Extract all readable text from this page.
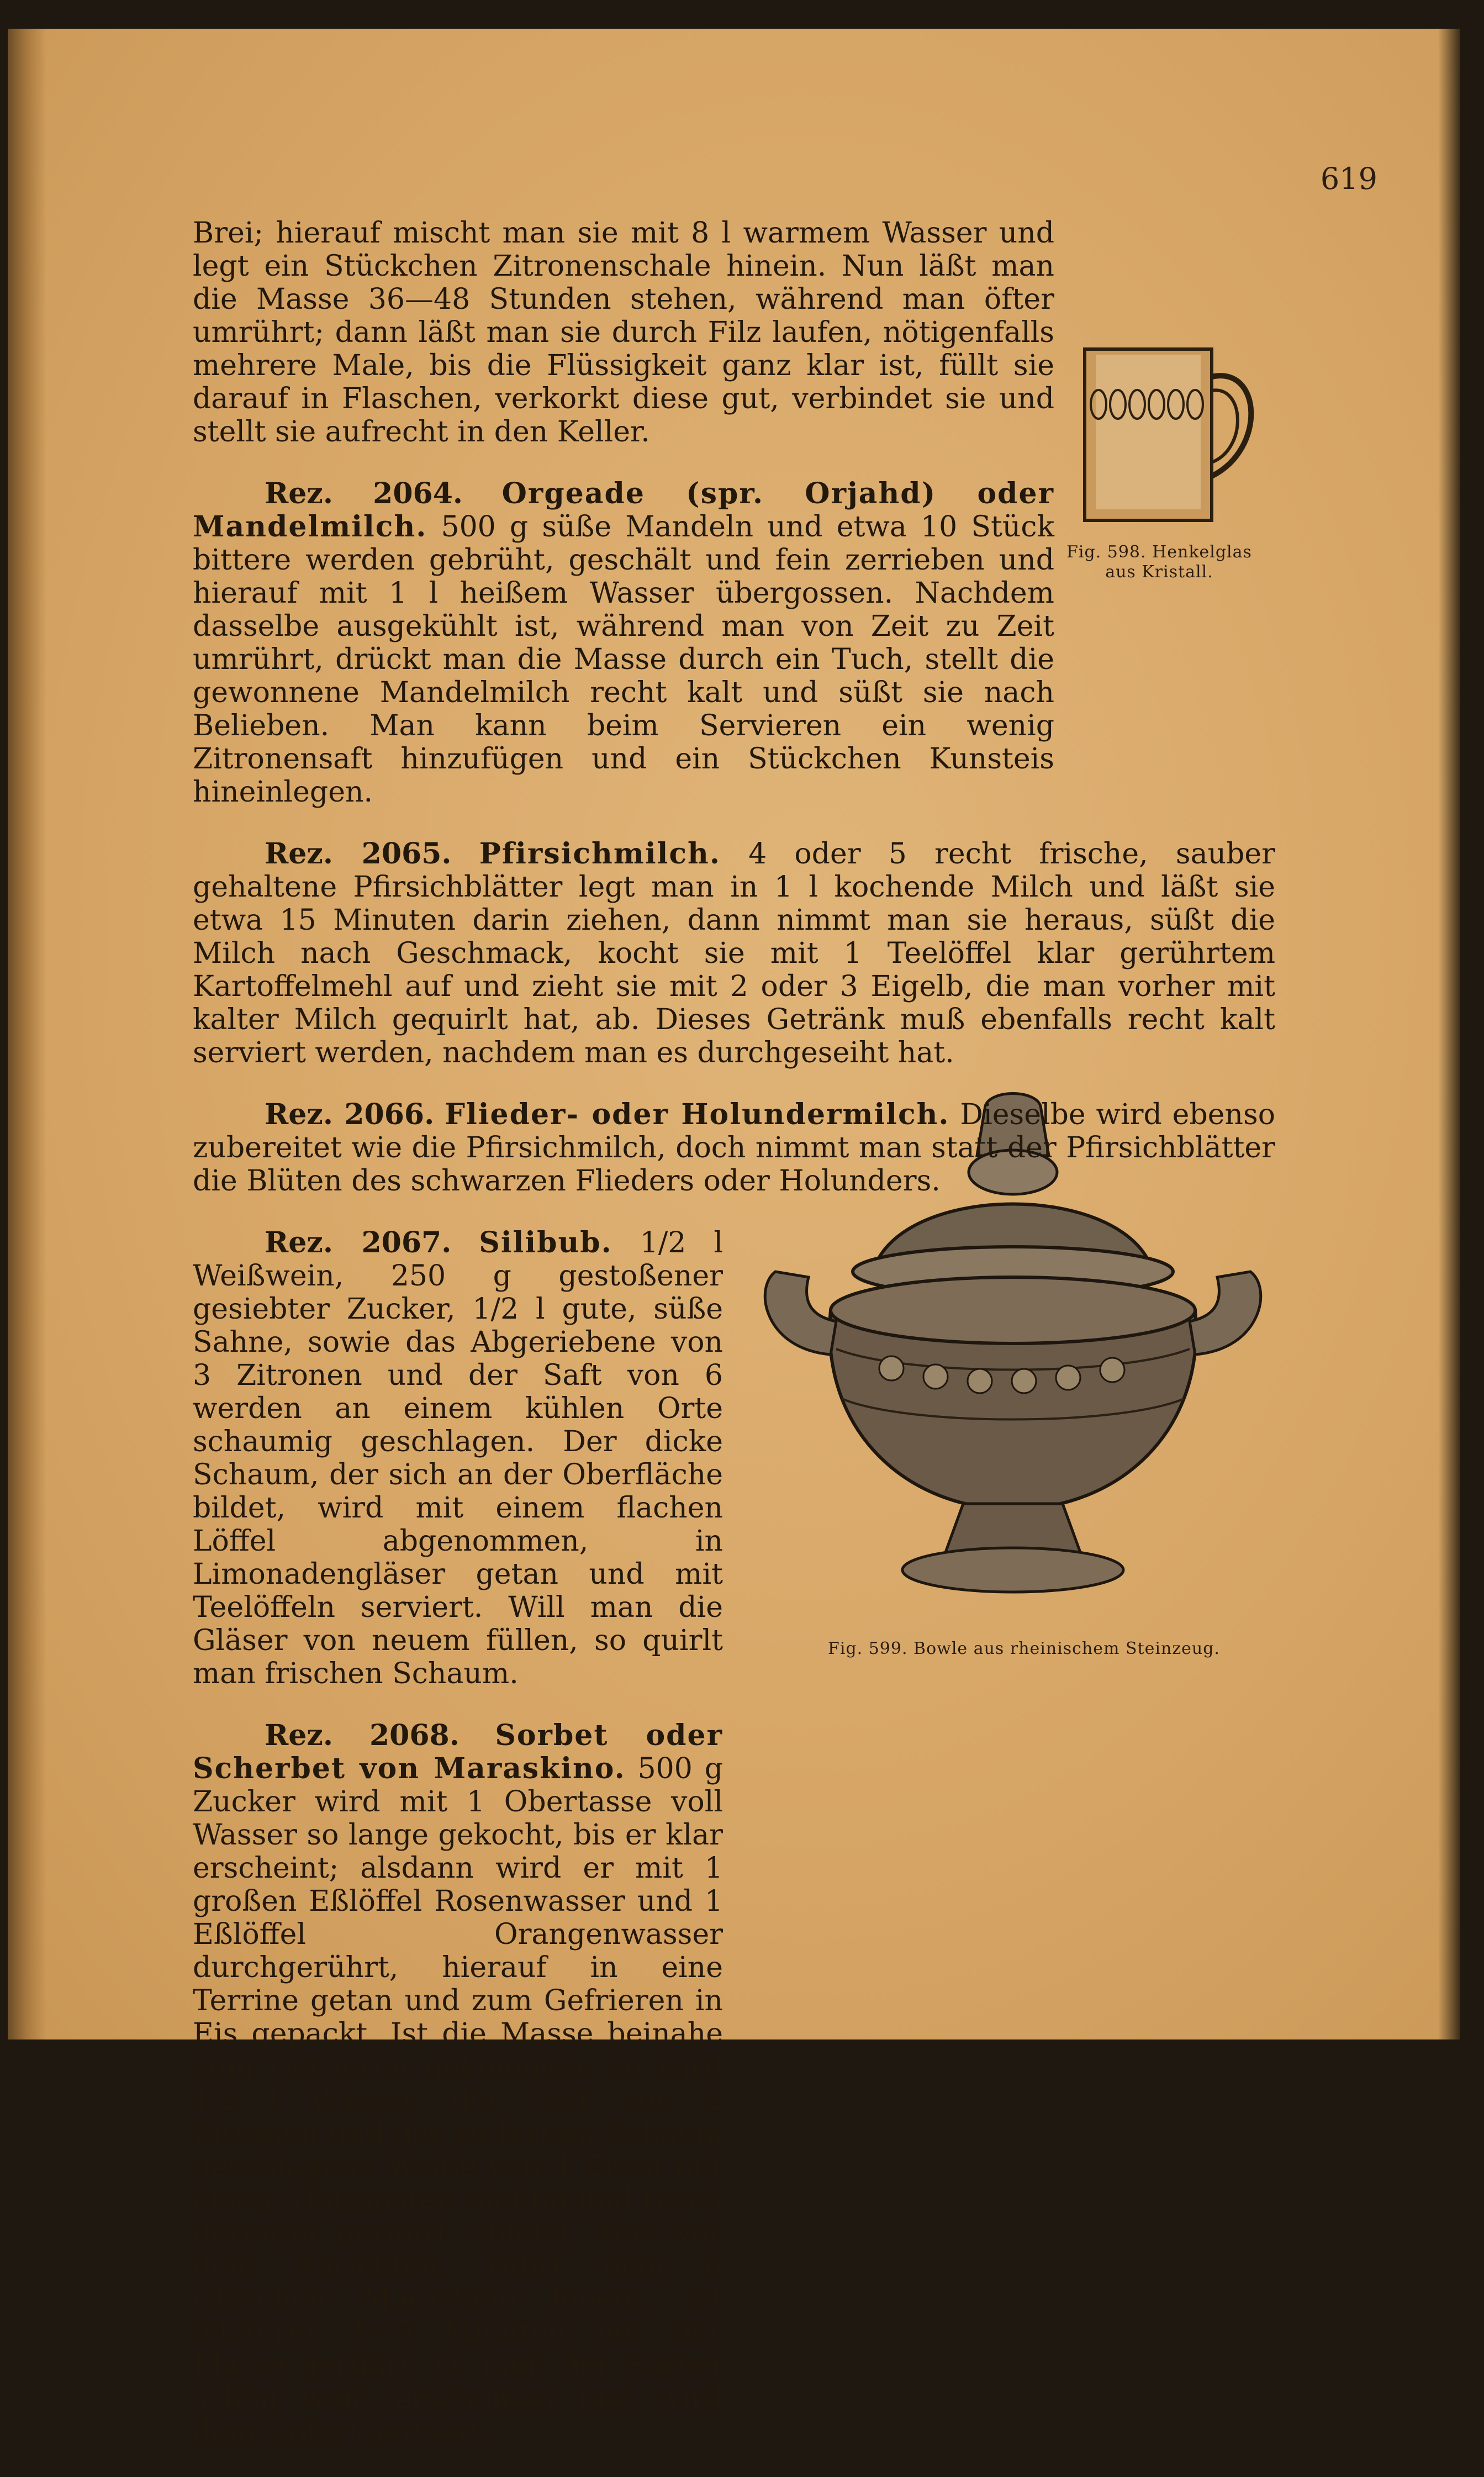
619
Fig. 598. Henkelglas aus Kristall.
Fig. 599. Bowle aus rheinischem Steinzeug.

Brei; hierauf mischt man sie mit 8 l warmem Wasser und legt ein Stückchen Zitronenschale hinein. Nun läßt man die Masse 36—48 Stunden stehen, während man öfter umrührt; dann läßt man sie durch Filz laufen, nötigenfalls mehrere Male, bis die Flüssigkeit ganz klar ist, füllt sie darauf in Flaschen, verkorkt diese gut, verbindet sie und stellt sie aufrecht in den Keller.

Rez. 2064. Orgeade (spr. Orjahd) oder Mandelmilch. 500 g süße Mandeln und etwa 10 Stück bittere werden gebrüht, geschält und fein zerrieben und hierauf mit 1 l heißem Wasser übergossen. Nachdem dasselbe ausgekühlt ist, während man von Zeit zu Zeit umrührt, drückt man die Masse durch ein Tuch, stellt die gewonnene Mandelmilch recht kalt und süßt sie nach Belieben. Man kann beim Servieren ein wenig Zitronensaft hinzufügen und ein Stückchen Kunsteis hineinlegen.

Rez. 2065. Pfirsichmilch. 4 oder 5 recht frische, sauber gehaltene Pfirsichblätter legt man in 1 l kochende Milch und läßt sie etwa 15 Minuten darin ziehen, dann nimmt man sie heraus, süßt die Milch nach Geschmack, kocht sie mit 1 Teelöffel klar gerührtem Kartoffelmehl auf und zieht sie mit 2 oder 3 Eigelb, die man vorher mit kalter Milch gequirlt hat, ab. Dieses Getränk muß ebenfalls recht kalt serviert werden, nachdem man es durchgeseiht hat.

Rez. 2066. Flieder- oder Holundermilch. Dieselbe wird ebenso zubereitet wie die Pfirsichmilch, doch nimmt man statt der Pfirsichblätter die Blüten des schwarzen Flieders oder Holunders.

Rez. 2067. Silibub. 1/2 l Weißwein, 250 g gestoßener gesiebter Zucker, 1/2 l gute, süße Sahne, sowie das Abgeriebene von 3 Zitronen und der Saft von 6 werden an einem kühlen Orte schaumig geschlagen. Der dicke Schaum, der sich an der Oberfläche bildet, wird mit einem flachen Löffel abgenommen, in Limonadengläser getan und mit Teelöffeln serviert. Will man die Gläser von neuem füllen, so quirlt man frischen Schaum.

Rez. 2068. Sorbet oder Scherbet von Maraskino. 500 g Zucker wird mit 1 Obertasse voll Wasser so lange gekocht, bis er klar erscheint; alsdann wird er mit 1 großen Eßlöffel Rosenwasser und 1 Eßlöffel Orangenwasser durchgerührt, hierauf in eine Terrine getan und zum Gefrieren in Eis gepackt. Ist die Masse beinahe zum Gefrieren gekommen, so wird 1/2 l Wasser, der Saft von 2 Zitronen und das zu festem Schaum geschlagene Weiße von 4 Eiern mit einem Holzspaten tüchtig und rasch darunter gerührt; zuletzt, kurz vor dem Anrichten, rührt man 6 Gläschen Maraskino hinein. Ist letzterer 4—5 Minuten mit der Masse gerührt, so muß der Sorbet schön weiß erscheinen und wird dann sofort serviert.
